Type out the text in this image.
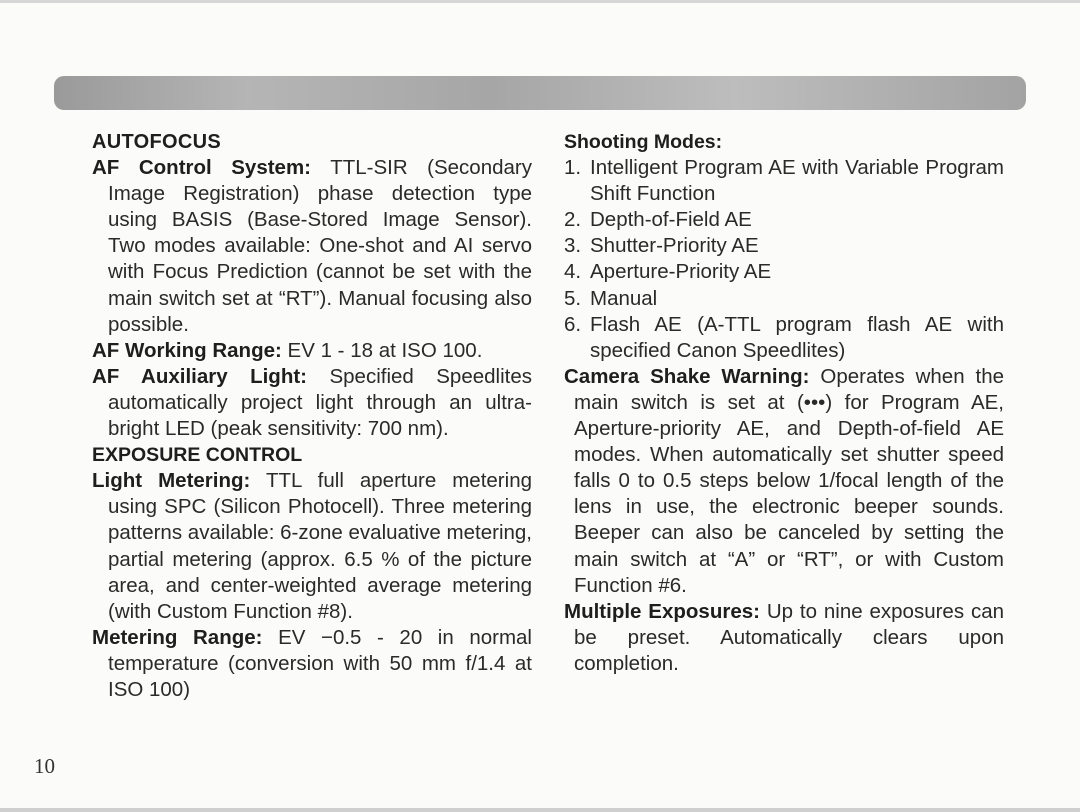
AUTOFOCUS
AF Control System: TTL-SIR (Secondary Image Registration) phase detection type using BASIS (Base-Stored Image Sensor). Two modes available: One-shot and AI servo with Focus Prediction (cannot be set with the main switch set at “RT”). Manual focusing also possible.
AF Working Range: EV 1 - 18 at ISO 100.
AF Auxiliary Light: Specified Speedlites automatically project light through an ultra-bright LED (peak sensitivity: 700 nm).
EXPOSURE CONTROL
Light Metering: TTL full aperture metering using SPC (Silicon Photocell). Three metering patterns available: 6-zone evaluative metering, partial metering (approx. 6.5 % of the picture area, and center-weighted average metering (with Custom Function #8).
Metering Range: EV −0.5 - 20 in normal temperature (conversion with 50 mm f/1.4 at ISO 100)
Shooting Modes:
1. Intelligent Program AE with Variable Program Shift Function
2. Depth-of-Field AE
3. Shutter-Priority AE
4. Aperture-Priority AE
5. Manual
6. Flash AE (A-TTL program flash AE with specified Canon Speedlites)
Camera Shake Warning: Operates when the main switch is set at (•••) for Program AE, Aperture-priority AE, and Depth-of-field AE modes. When automatically set shutter speed falls 0 to 0.5 steps below 1/focal length of the lens in use, the electronic beeper sounds. Beeper can also be canceled by setting the main switch at “A” or “RT”, or with Custom Function #6.
Multiple Exposures: Up to nine exposures can be preset. Automatically clears upon completion.
10
